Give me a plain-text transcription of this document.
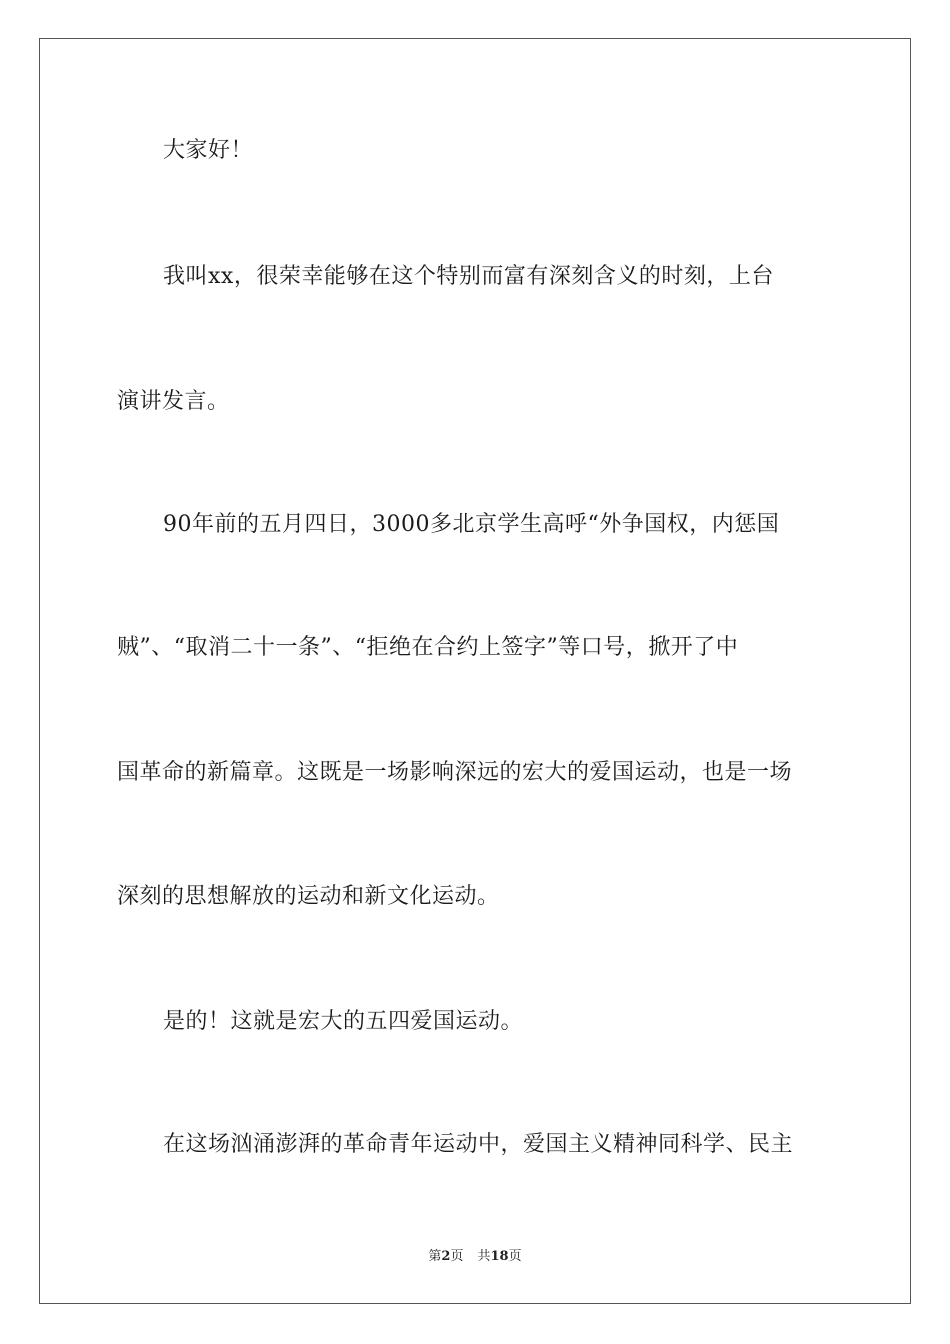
大家好！
我叫xx，很荣幸能够在这个特别而富有深刻含义的时刻，上台
演讲发言。
90年前的五月四日，3000多北京学生高呼“外争国权，内惩国
贼”、“取消二十一条”、“拒绝在合约上签字”等口号，掀开了中
国革命的新篇章。这既是一场影响深远的宏大的爱国运动，也是一场
深刻的思想解放的运动和新文化运动。
是的！这就是宏大的五四爱国运动。
在这场汹涌澎湃的革命青年运动中，爱国主义精神同科学、民主
第2页 共18页
